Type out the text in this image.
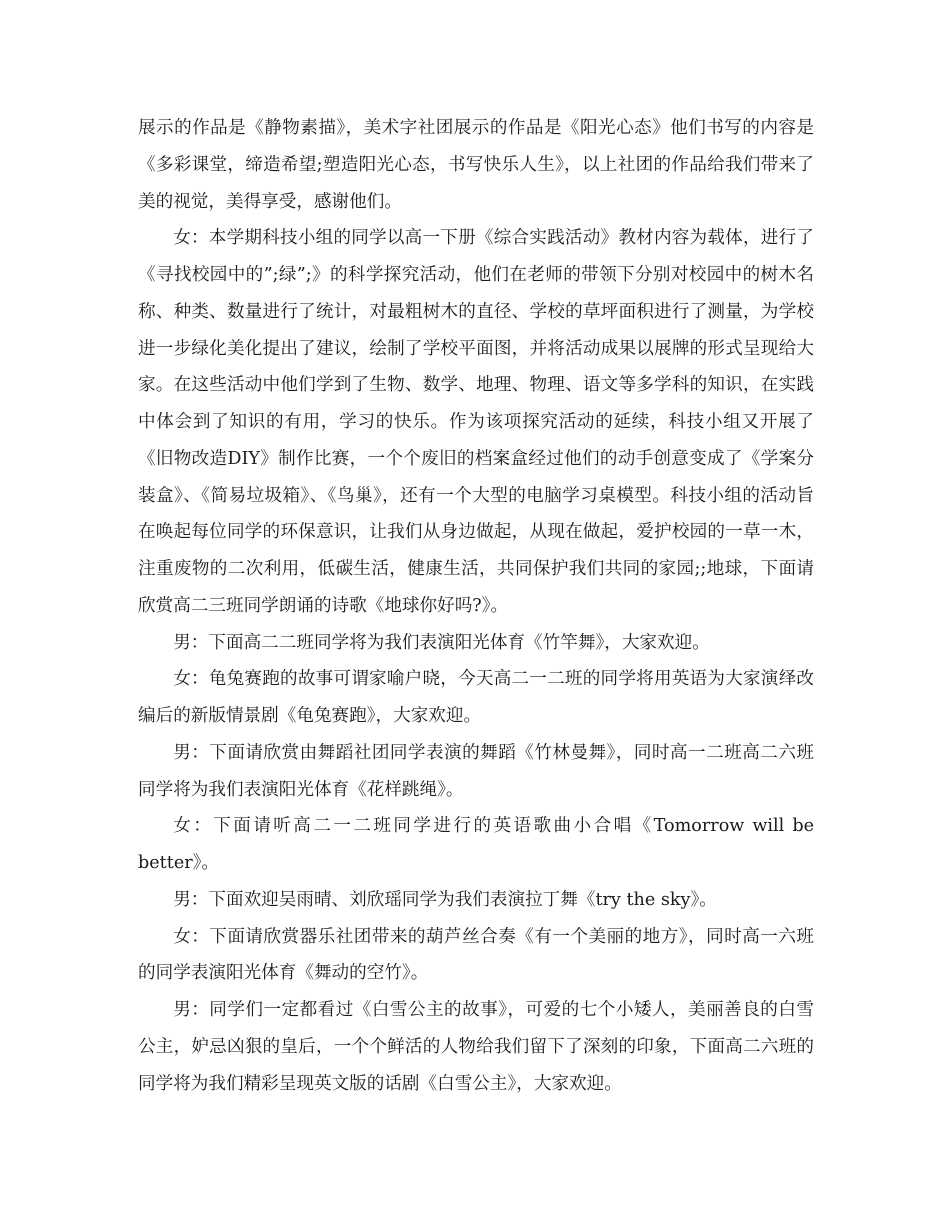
展示的作品是《静物素描》，美术字社团展示的作品是《阳光心态》他们书写的内容是《多彩课堂，缔造希望;塑造阳光心态，书写快乐人生》，以上社团的作品给我们带来了美的视觉，美得享受，感谢他们。

女：本学期科技小组的同学以高一下册《综合实践活动》教材内容为载体，进行了《寻找校园中的”;绿”;》的科学探究活动，他们在老师的带领下分别对校园中的树木名称、种类、数量进行了统计，对最粗树木的直径、学校的草坪面积进行了测量，为学校进一步绿化美化提出了建议，绘制了学校平面图，并将活动成果以展牌的形式呈现给大家。在这些活动中他们学到了生物、数学、地理、物理、语文等多学科的知识，在实践中体会到了知识的有用，学习的快乐。作为该项探究活动的延续，科技小组又开展了《旧物改造DIY》制作比赛，一个个废旧的档案盒经过他们的动手创意变成了《学案分装盒》、《简易垃圾箱》、《鸟巢》，还有一个大型的电脑学习桌模型。科技小组的活动旨在唤起每位同学的环保意识，让我们从身边做起，从现在做起，爱护校园的一草一木，注重废物的二次利用，低碳生活，健康生活，共同保护我们共同的家园;;地球，下面请欣赏高二三班同学朗诵的诗歌《地球你好吗?》。

男：下面高二二班同学将为我们表演阳光体育《竹竿舞》，大家欢迎。

女：龟兔赛跑的故事可谓家喻户晓，今天高二一二班的同学将用英语为大家演绎改编后的新版情景剧《龟兔赛跑》，大家欢迎。

男：下面请欣赏由舞蹈社团同学表演的舞蹈《竹林曼舞》，同时高一二班高二六班同学将为我们表演阳光体育《花样跳绳》。

女：下面请听高二一二班同学进行的英语歌曲小合唱《Tomorrow will be better》。

男：下面欢迎吴雨晴、刘欣瑶同学为我们表演拉丁舞《try the sky》。

女：下面请欣赏器乐社团带来的葫芦丝合奏《有一个美丽的地方》，同时高一六班的同学表演阳光体育《舞动的空竹》。

男：同学们一定都看过《白雪公主的故事》，可爱的七个小矮人，美丽善良的白雪公主，妒忌凶狠的皇后，一个个鲜活的人物给我们留下了深刻的印象，下面高二六班的同学将为我们精彩呈现英文版的话剧《白雪公主》，大家欢迎。
